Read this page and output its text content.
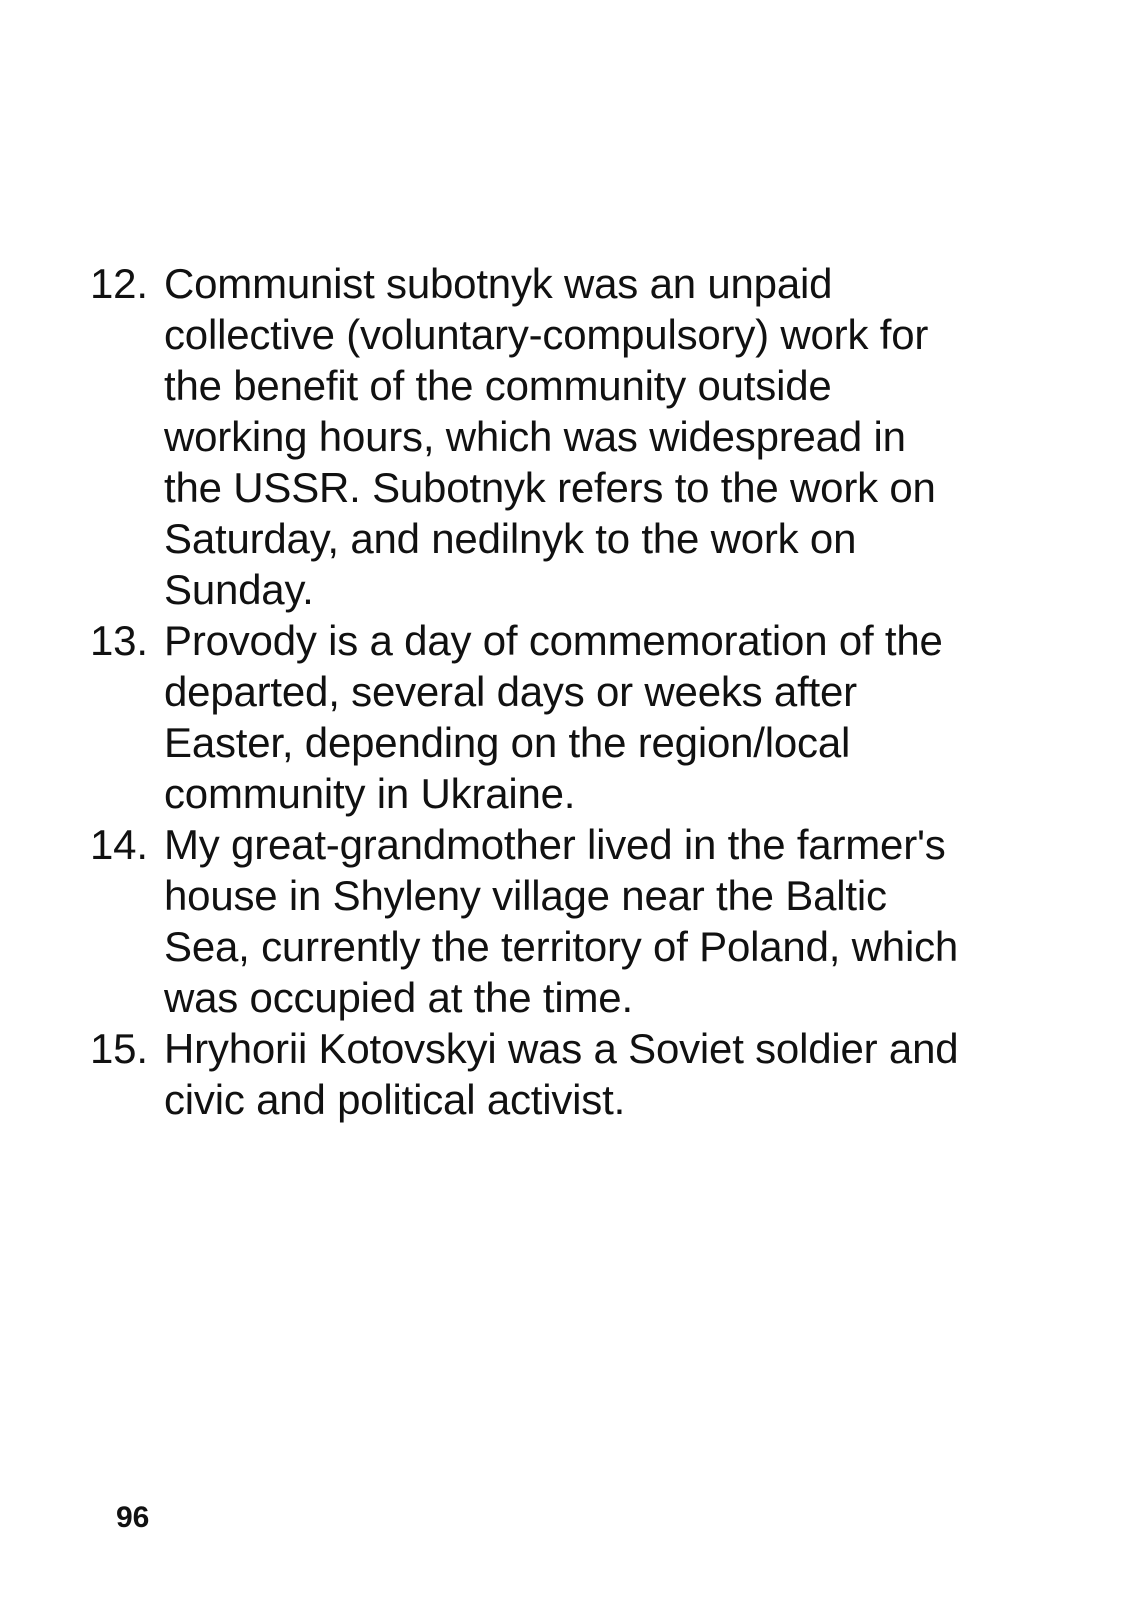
12. Communist subotnyk was an unpaid
collective (voluntary-compulsory) work for
the benefit of the community outside
working hours, which was widespread in
the USSR. Subotnyk refers to the work on
Saturday, and nedilnyk to the work on
Sunday.
13. Provody is a day of commemoration of the
departed, several days or weeks after
Easter, depending on the region/local
community in Ukraine.
14. My great-grandmother lived in the farmer's
house in Shyleny village near the Baltic
Sea, currently the territory of Poland, which
was occupied at the time.
15. Hryhorii Kotovskyi was a Soviet soldier and
civic and political activist.
96
